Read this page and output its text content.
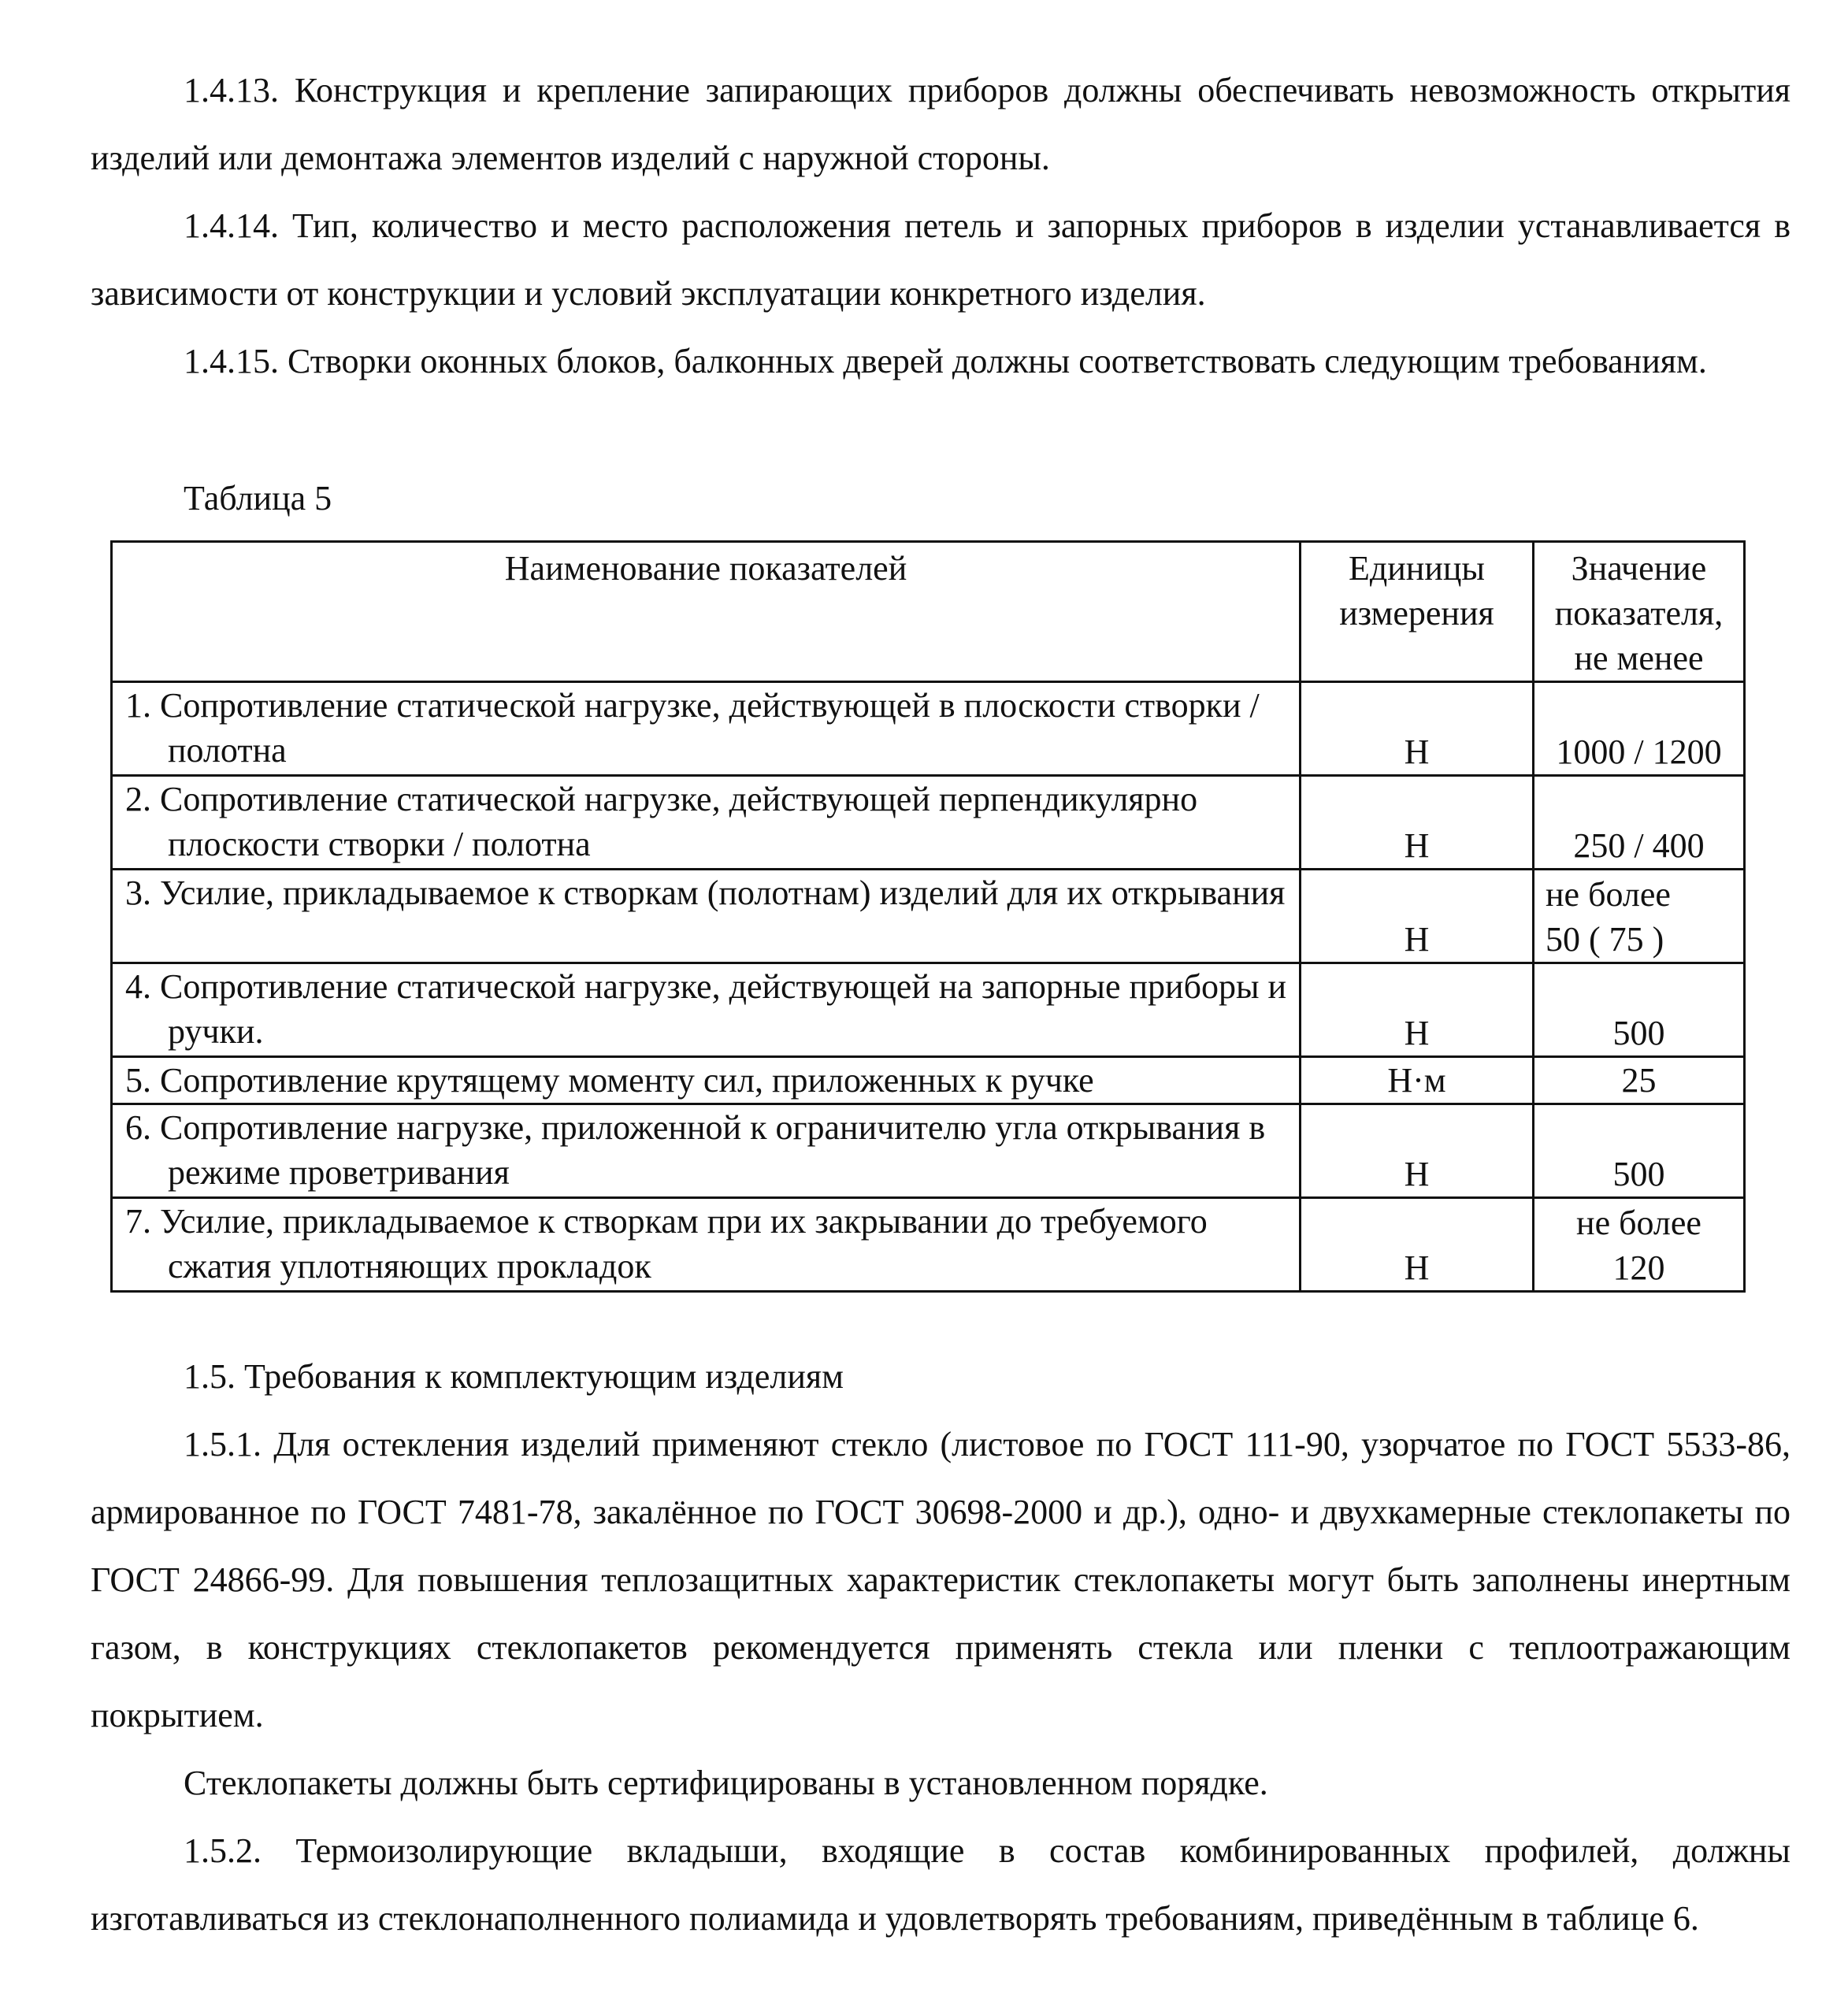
1.4.13. Конструкция и крепление запирающих приборов должны обеспечивать невозможность открытия изделий или демонтажа элементов изделий с наружной стороны.

1.4.14. Тип, количество и место расположения петель и запорных приборов в изделии устанавливается в зависимости от конструкции и условий эксплуатации конкретного изделия.

1.4.15. Створки оконных блоков, балконных дверей должны соответствовать следующим требованиям.

Таблица 5

Наименование показателей	Единицы измерения	Значение показателя, не менее
1. Сопротивление статической нагрузке, действующей в плоскости створки / полотна	Н	1000 / 1200
2. Сопротивление статической нагрузке, действующей перпендикулярно плоскости створки / полотна	Н	250 / 400
3. Усилие, прикладываемое к створкам (полотнам) изделий для их открывания	Н	не более
50 ( 75 )
4. Сопротивление статической нагрузке, действующей на запорные приборы и ручки.	Н	500
5. Сопротивление крутящему моменту сил, приложенных к ручке	Н·м	25
6. Сопротивление нагрузке, приложенной к ограничителю угла открывания в режиме проветривания	Н	500
7. Усилие, прикладываемое к створкам при их закрывании до требуемого сжатия уплотняющих прокладок	Н	не более
120

1.5. Требования к комплектующим изделиям

1.5.1. Для остекления изделий применяют стекло (листовое по ГОСТ 111-90, узорчатое по ГОСТ 5533-86, армированное по ГОСТ 7481-78, закалённое по ГОСТ 30698-2000 и др.), одно- и двухкамерные стеклопакеты по ГОСТ 24866-99. Для повышения теплозащитных характеристик стеклопакеты могут быть заполнены инертным газом, в конструкциях стеклопакетов рекомендуется применять стекла или пленки с теплоотражающим покрытием.

Стеклопакеты должны быть сертифицированы в установленном порядке.

1.5.2. Термоизолирующие вкладыши, входящие в состав комбинированных профилей, должны изготавливаться из стеклонаполненного полиамида и удовлетворять требованиям, приведённым в таблице 6.
